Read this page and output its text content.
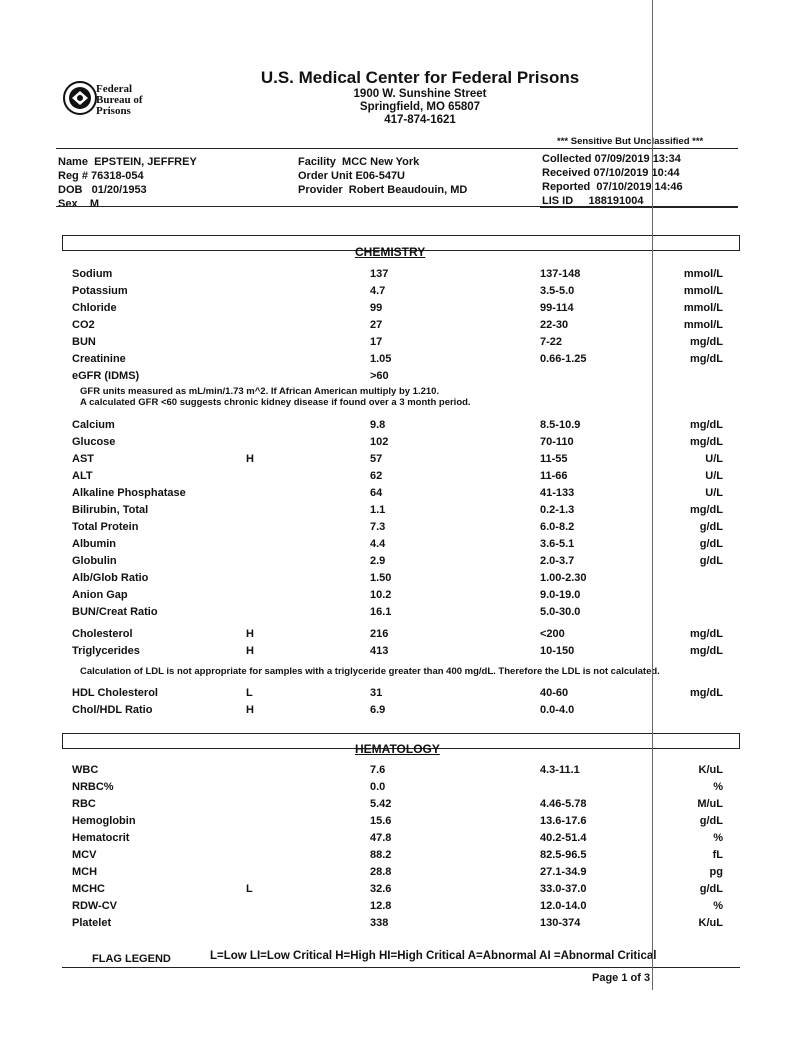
Federal
Bureau of
Prisons
U.S. Medical Center for Federal Prisons
1900 W. Sunshine Street
Springfield, MO 65807
417-874-1621
*** Sensitive But Unclassified ***
Name EPSTEIN, JEFFREY
Reg # 76318-054
DOB 01/20/1953
Sex M
Facility MCC New York
Order Unit E06-547U
Provider Robert Beaudouin, MD
Collected 07/09/2019 13:34
Received 07/10/2019 10:44
Reported 07/10/2019 14:46
LIS ID 188191004
CHEMISTRY
Sodium	137	137-148	mmol/L
Potassium	4.7	3.5-5.0	mmol/L
Chloride	99	99-114	mmol/L
CO2	27	22-30	mmol/L
BUN	17	7-22	mg/dL
Creatinine	1.05	0.66-1.25	mg/dL
eGFR (IDMS)	>60
Calcium	9.8	8.5-10.9	mg/dL
Glucose	102	70-110	mg/dL
AST	H	57	11-55	U/L
ALT	62	11-66	U/L
Alkaline Phosphatase	64	41-133	U/L
Bilirubin, Total	1.1	0.2-1.3	mg/dL
Total Protein	7.3	6.0-8.2	g/dL
Albumin	4.4	3.6-5.1	g/dL
Globulin	2.9	2.0-3.7	g/dL
Alb/Glob Ratio	1.50	1.00-2.30
Anion Gap	10.2	9.0-19.0
BUN/Creat Ratio	16.1	5.0-30.0
Cholesterol	H	216	<200	mg/dL
Triglycerides	H	413	10-150	mg/dL
HDL Cholesterol	L	31	40-60	mg/dL
Chol/HDL Ratio	H	6.9	0.0-4.0
GFR units measured as mL/min/1.73 m^2. If African American multiply by 1.210.
A calculated GFR <60 suggests chronic kidney disease if found over a 3 month period.
Calculation of LDL is not appropriate for samples with a triglyceride greater than 400 mg/dL. Therefore the LDL is not calculated.
HEMATOLOGY
WBC	7.6	4.3-11.1	K/uL
NRBC%	0.0	%
RBC	5.42	4.46-5.78	M/uL
Hemoglobin	15.6	13.6-17.6	g/dL
Hematocrit	47.8	40.2-51.4	%
MCV	88.2	82.5-96.5	fL
MCH	28.8	27.1-34.9	pg
MCHC	L	32.6	33.0-37.0	g/dL
RDW-CV	12.8	12.0-14.0	%
Platelet	338	130-374	K/uL
FLAG LEGEND	L=Low LI=Low Critical H=High HI=High Critical A=Abnormal AI =Abnormal Critical
Page 1 of 3
